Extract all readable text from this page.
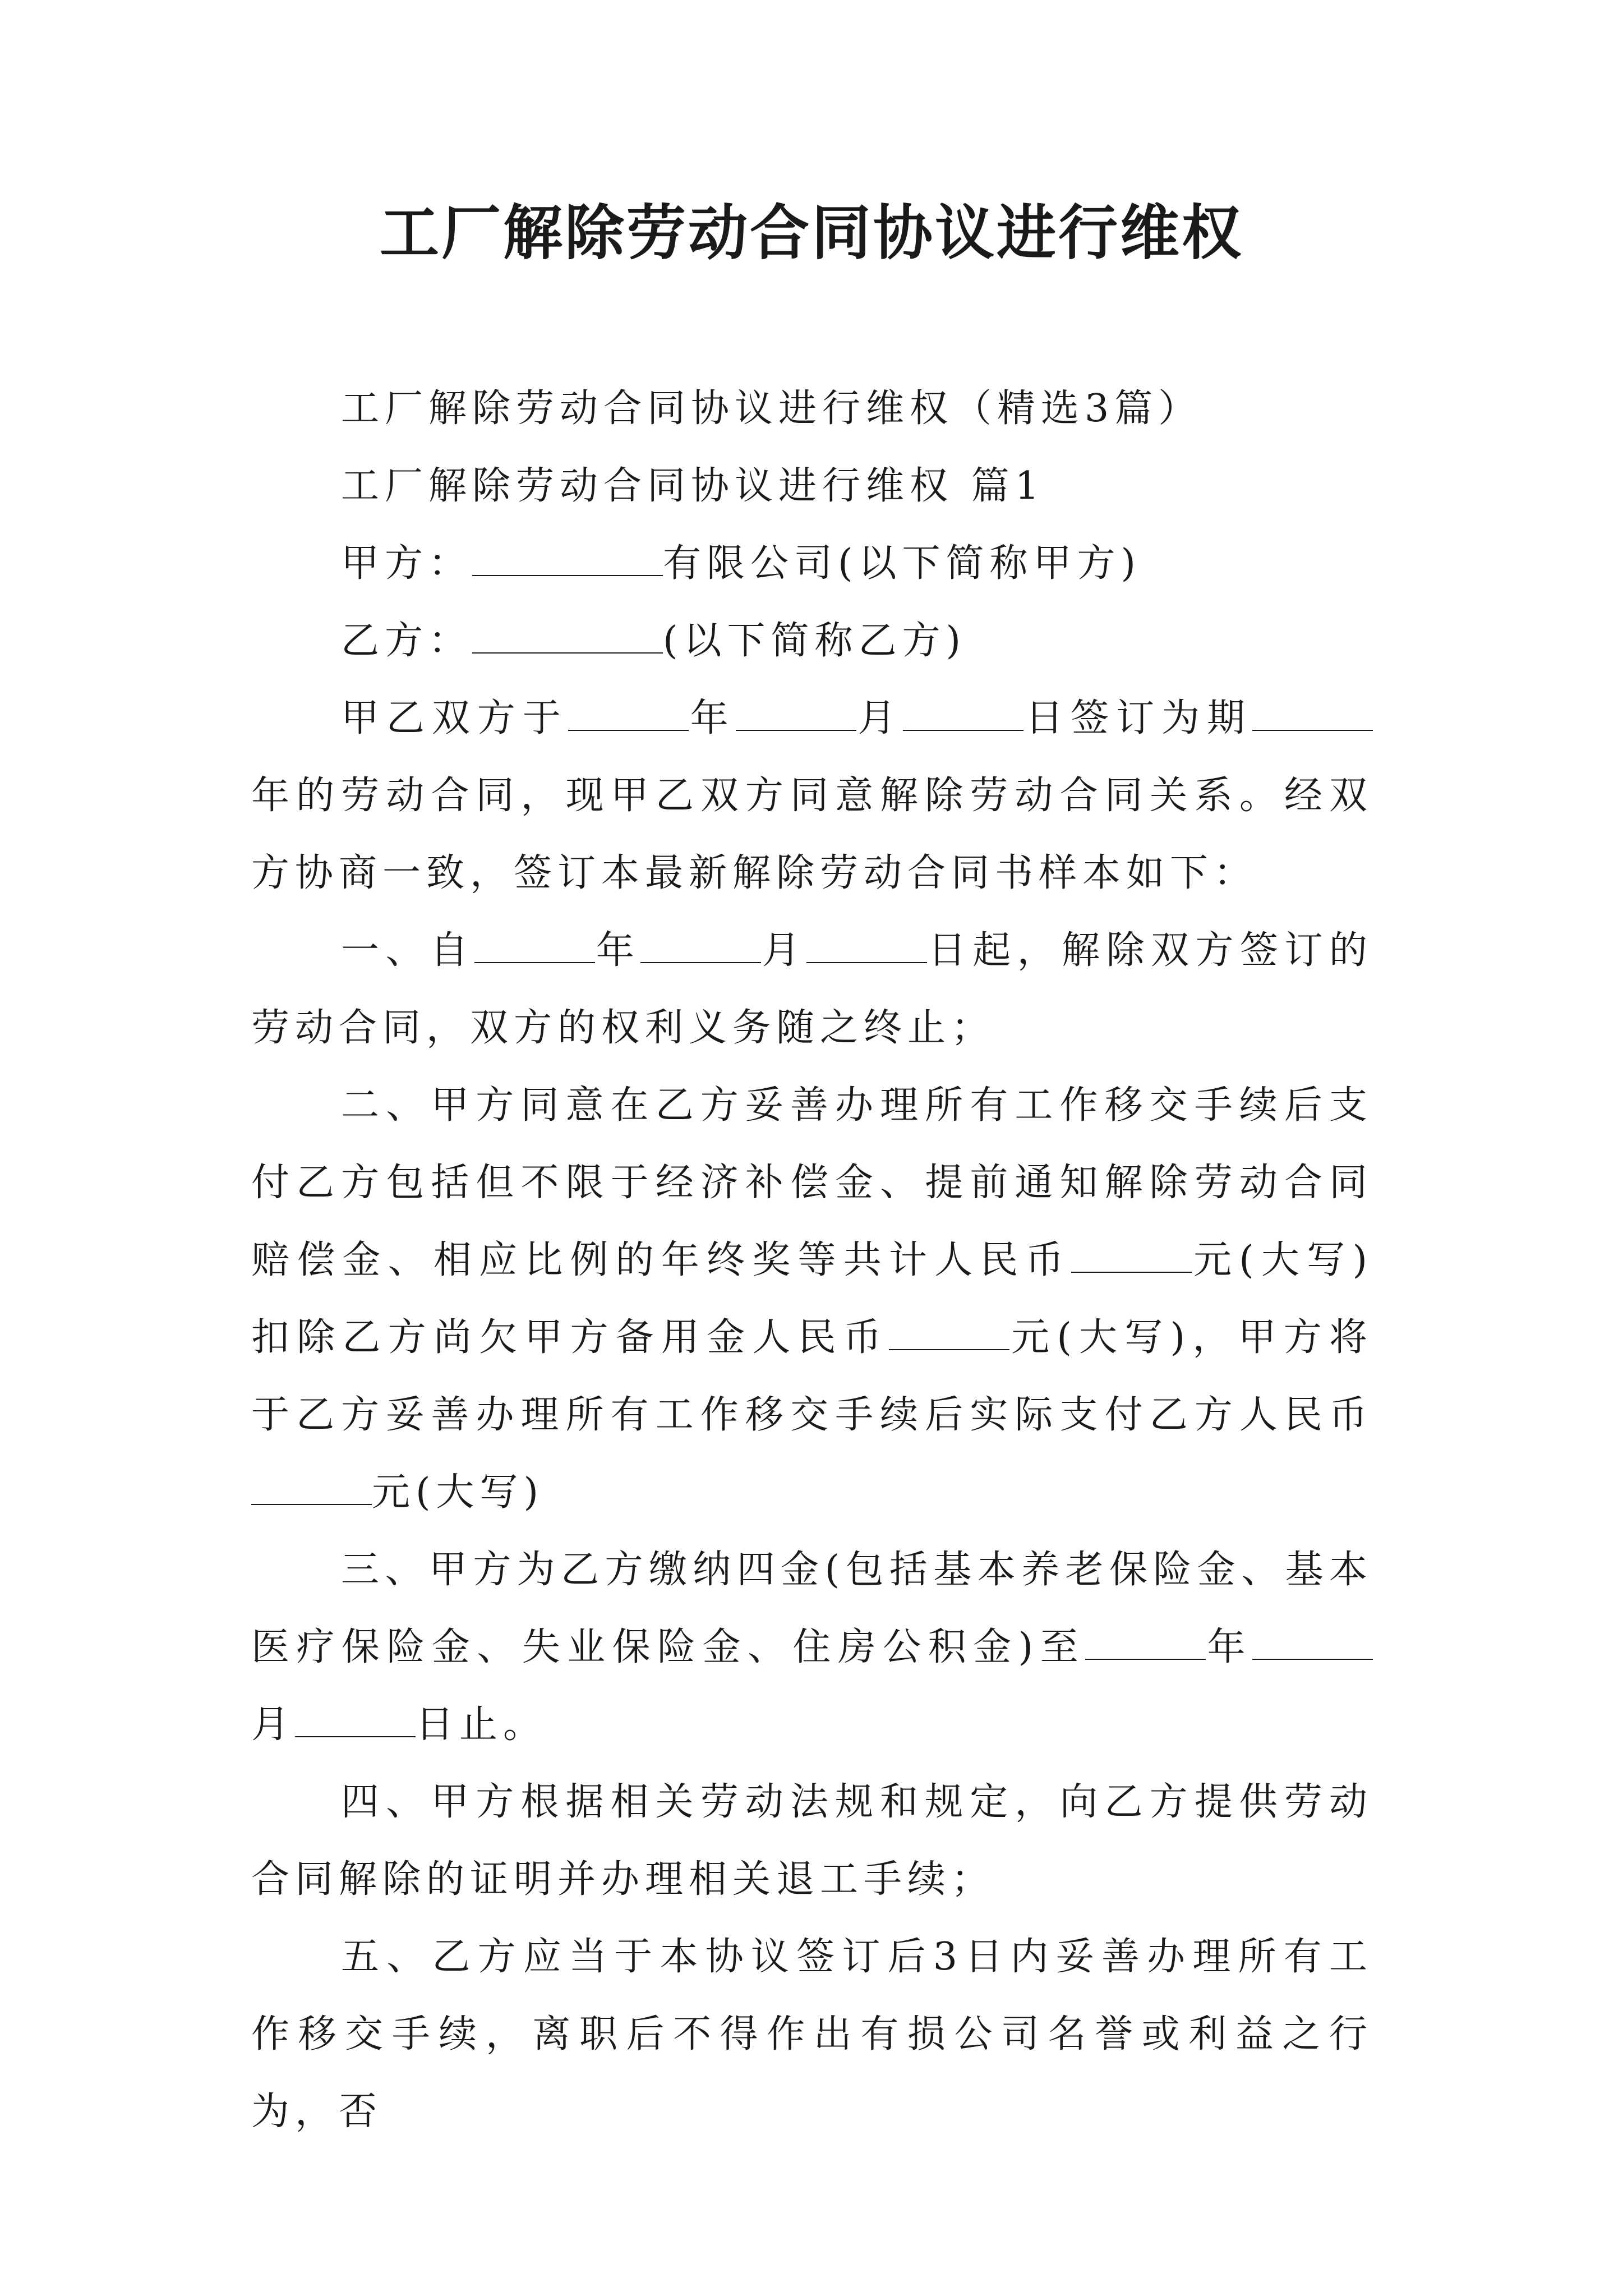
工厂解除劳动合同协议进行维权

工厂解除劳动合同协议进行维权（精选3篇）

工厂解除劳动合同协议进行维权 篇1

甲方：	有限公司(以下简称甲方)

乙方：	(以下简称乙方)

甲乙双方于	年	月	日签订为期年的劳动合同，现甲乙双方同意解除劳动合同关系。经双方协商一致，签订本最新解除劳动合同书样本如下：

一、自	年	月	日起，解除双方签订的劳动合同，双方的权利义务随之终止；

二、甲方同意在乙方妥善办理所有工作移交手续后支付乙方包括但不限于经济补偿金、提前通知解除劳动合同赔偿金、相应比例的年终奖等共计人民币	元(大写)扣除乙方尚欠甲方备用金人民币	元(大写)，甲方将于乙方妥善办理所有工作移交手续后实际支付乙方人民币元(大写)

三、甲方为乙方缴纳四金(包括基本养老保险金、基本医疗保险金、失业保险金、住房公积金)至	年月	日止。

四、甲方根据相关劳动法规和规定，向乙方提供劳动合同解除的证明并办理相关退工手续；

五、乙方应当于本协议签订后3日内妥善办理所有工作移交手续，离职后不得作出有损公司名誉或利益之行为，否
